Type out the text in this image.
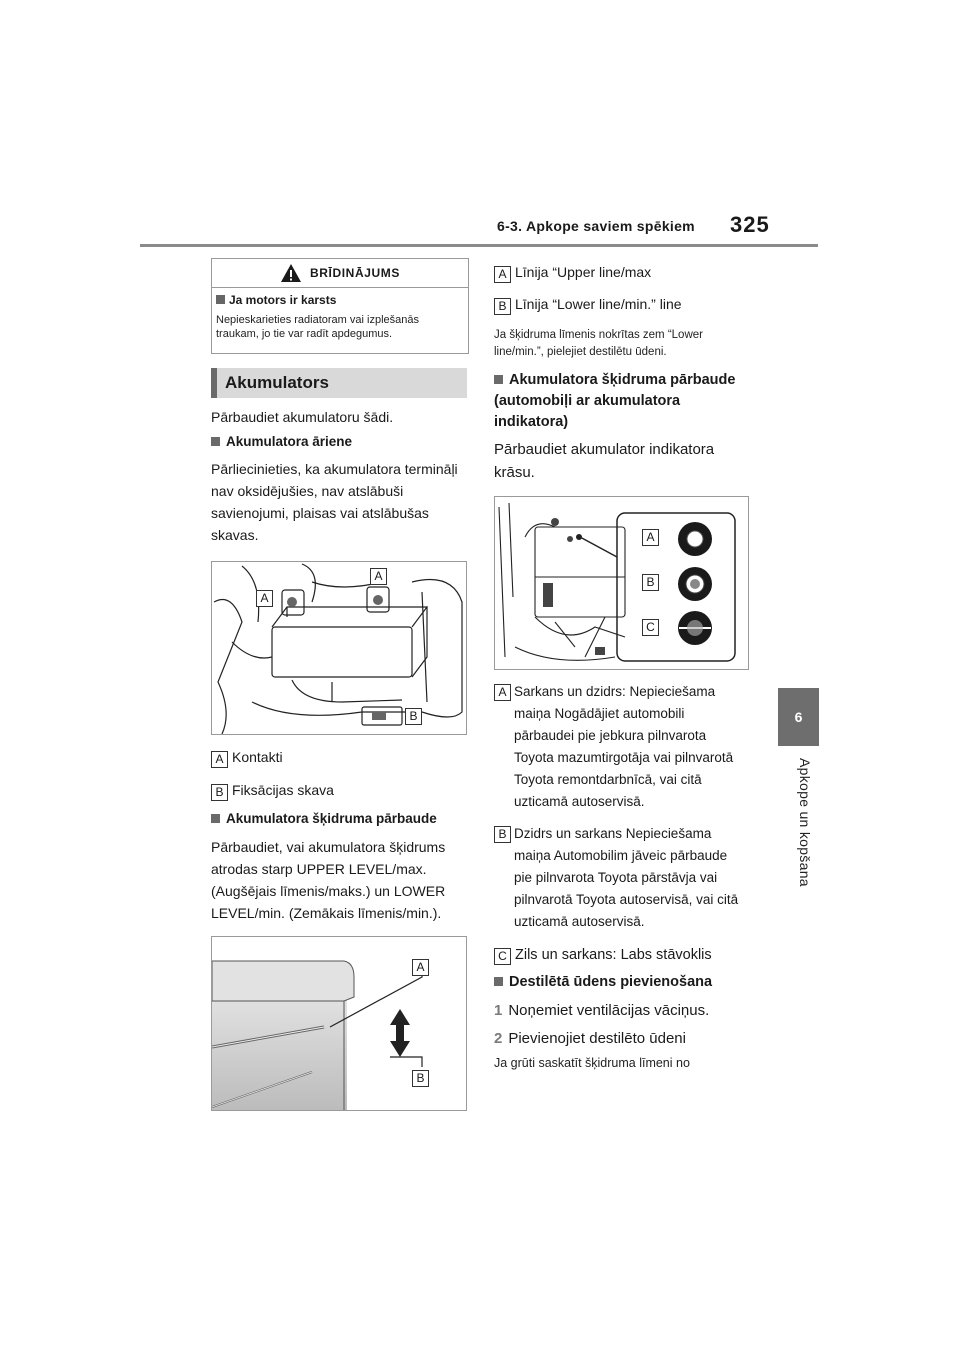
6-3. Apkope saviem spēkiem 325
6
Apkope un kopšana
BRĪDINĀJUMS
Ja motors ir karsts
Nepieskarieties radiatoram vai izplešanās traukam, jo tie var radīt apdegumus.
Akumulators
Pārbaudiet akumulatoru šādi.
Akumulatora āriene
Pārliecinieties, ka akumulatora termināļi nav oksidējušies, nav atslābuši savienojumi, plaisas vai atslābušas skavas.
A
A
B
A Kontakti
B Fiksācijas skava
Akumulatora šķidruma pārbaude
Pārbaudiet, vai akumulatora šķidrums atrodas starp UPPER LEVEL/max. (Augšējais līmenis/maks.) un LOWER LEVEL/min. (Zemākais līmenis/min.).
A
B
A Līnija “Upper line/max
B Līnija “Lower line/min.” line
Ja šķidruma līmenis nokrītas zem “Lower line/min.”, pielejiet destilētu ūdeni.
Akumulatora šķidruma pārbaude (automobiļi ar akumulatora indikatora)
Pārbaudiet akumulator indikatora krāsu.
A
B
C
A Sarkans un dzidrs: Nepieciešama maiņa Nogādājiet automobili pārbaudei pie jebkura pilnvarota Toyota mazumtirgotāja vai pilnvarotā Toyota remontdarbnīcā, vai citā uzticamā autoservisā.
B Dzidrs un sarkans Nepieciešama maiņa Automobilim jāveic pārbaude pie pilnvarota Toyota pārstāvja vai pilnvarotā Toyota autoservisā, vai citā uzticamā autoservisā.
C Zils un sarkans: Labs stāvoklis
Destilētā ūdens pievienošana
1 Noņemiet ventilācijas vāciņus.
2 Pievienojiet destilēto ūdeni
Ja grūti saskatīt šķidruma līmeni no
